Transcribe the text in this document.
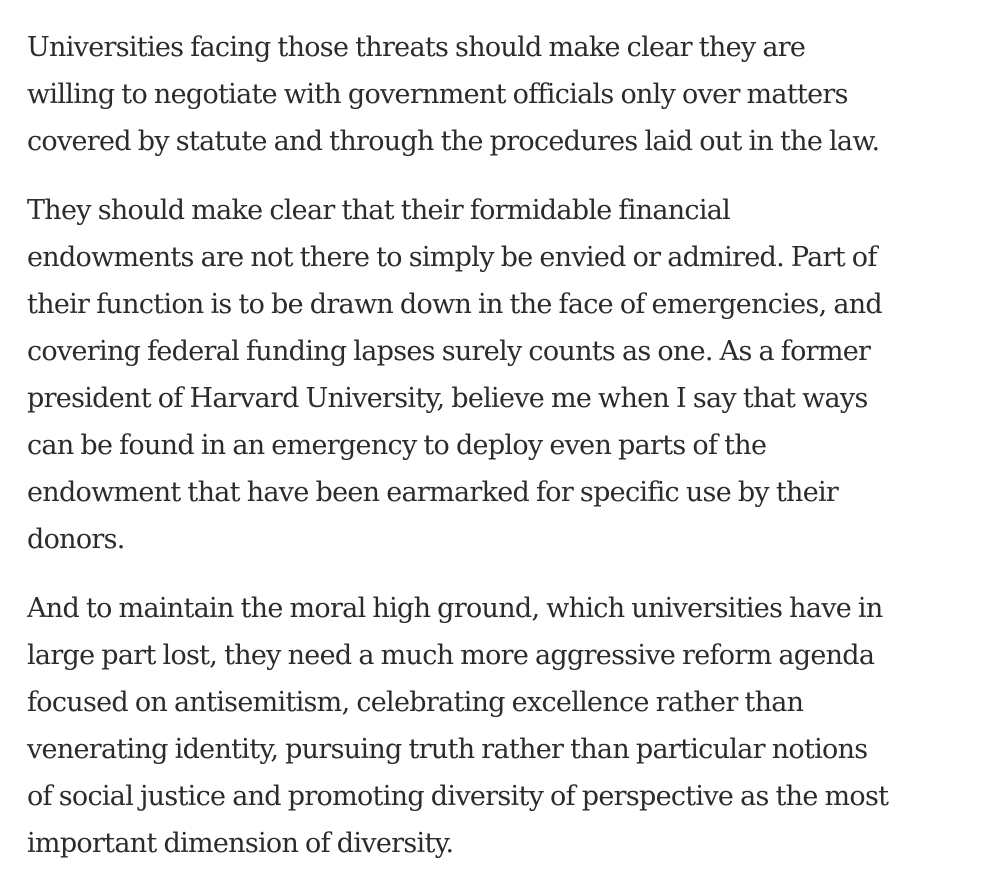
Universities facing those threats should make clear they are
willing to negotiate with government officials only over matters
covered by statute and through the procedures laid out in the law.

They should make clear that their formidable financial
endowments are not there to simply be envied or admired. Part of
their function is to be drawn down in the face of emergencies, and
covering federal funding lapses surely counts as one. As a former
president of Harvard University, believe me when I say that ways
can be found in an emergency to deploy even parts of the
endowment that have been earmarked for specific use by their
donors.

And to maintain the moral high ground, which universities have in
large part lost, they need a much more aggressive reform agenda
focused on antisemitism, celebrating excellence rather than
venerating identity, pursuing truth rather than particular notions
of social justice and promoting diversity of perspective as the most
important dimension of diversity.
